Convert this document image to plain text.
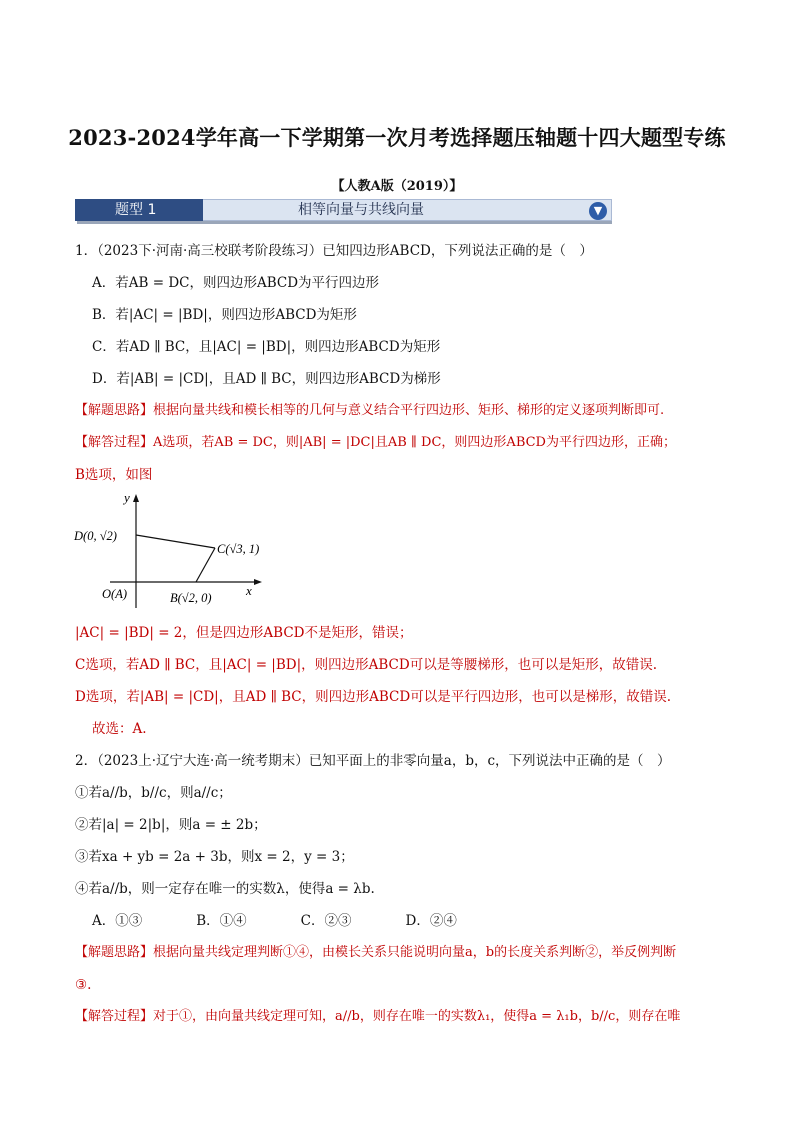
2023-2024学年高一下学期第一次月考选择题压轴题十四大题型专练
【人教A版（2019）】
相等向量与共线向量	▼
题型 1
1．（2023下·河南·高三校联考阶段练习）已知四边形ABCD，下列说法正确的是（　）
A．若AB = DC，则四边形ABCD为平行四边形
B．若|AC| = |BD|，则四边形ABCD为矩形
C．若AD ∥ BC，且|AC| = |BD|，则四边形ABCD为矩形
D．若|AB| = |CD|，且AD ∥ BC，则四边形ABCD为梯形
【解题思路】根据向量共线和模长相等的几何与意义结合平行四边形、矩形、梯形的定义逐项判断即可.
【解答过程】A选项，若AB = DC，则|AB| = |DC|且AB ∥ DC，则四边形ABCD为平行四边形，正确；
B选项，如图
y
x
D(0, √2)
C(√3, 1)
O(A)	B(√2, 0)
|AC| = |BD| = 2，但是四边形ABCD不是矩形，错误；
C选项，若AD ∥ BC，且|AC| = |BD|，则四边形ABCD可以是等腰梯形，也可以是矩形，故错误.
D选项，若|AB| = |CD|，且AD ∥ BC，则四边形ABCD可以是平行四边形，也可以是梯形，故错误.
故选：A.
2．（2023上·辽宁大连·高一统考期末）已知平面上的非零向量a，b，c，下列说法中正确的是（　）
①若a//b，b//c，则a//c；
②若|a| = 2|b|，则a = ± 2b；
③若xa + yb = 2a + 3b，则x = 2，y = 3；
④若a//b，则一定存在唯一的实数λ，使得a = λb.
A．①③　　　　B．①④　　　　C．②③　　　　D．②④
【解题思路】根据向量共线定理判断①④，由模长关系只能说明向量a，b的长度关系判断②，举反例判断
③.
【解答过程】对于①，由向量共线定理可知，a//b，则存在唯一的实数λ₁，使得a = λ₁b，b//c，则存在唯
